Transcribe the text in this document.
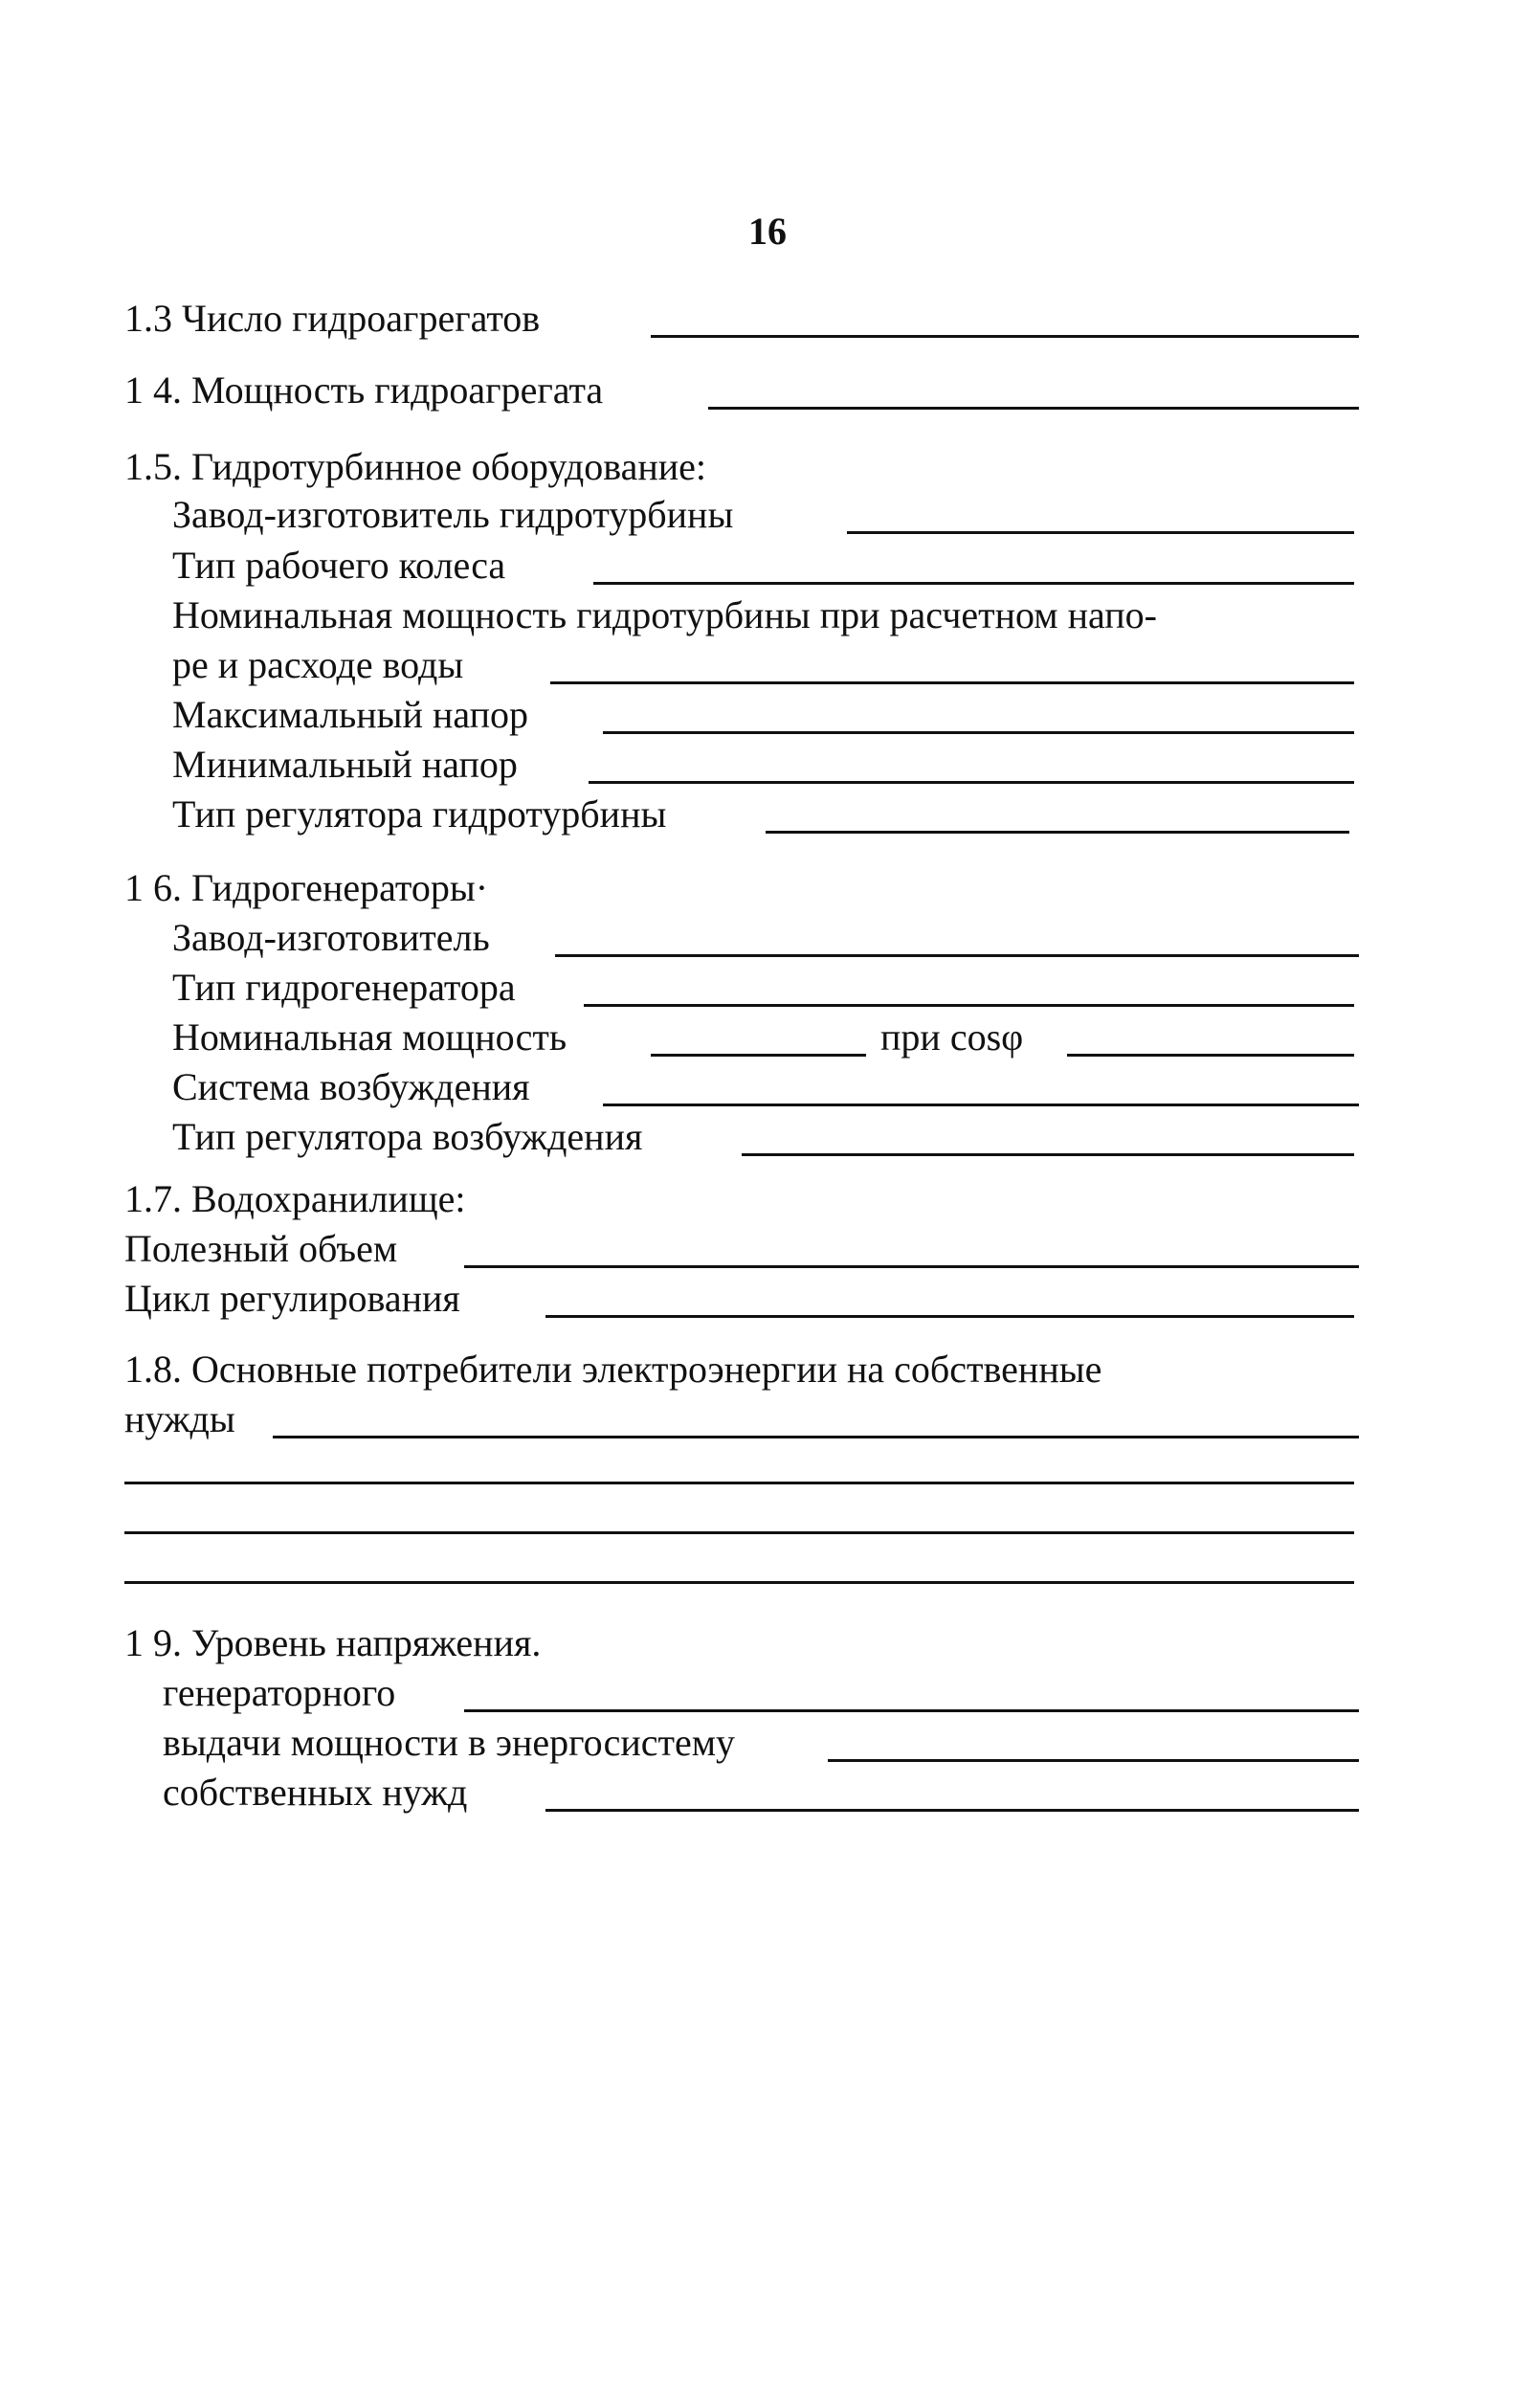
16
1.3 Число гидроагрегатов
1 4. Мощность гидроагрегата
1.5. Гидротурбинное оборудование:
Завод-изготовитель гидротурбины
Тип рабочего колеса
Номинальная мощность гидротурбины при расчетном напо-
ре и расходе воды
Максимальный напор
Минимальный напор
Тип регулятора гидротурбины
1 6. Гидрогенераторы·
Завод-изготовитель
Тип гидрогенератора
Номинальная мощность	при cosφ
Система возбуждения
Тип регулятора возбуждения
1.7. Водохранилище:
Полезный объем
Цикл регулирования
1.8. Основные потребители электроэнергии на собственные
нужды
1 9. Уровень напряжения.
генераторного
выдачи мощности в энергосистему
собственных нужд
